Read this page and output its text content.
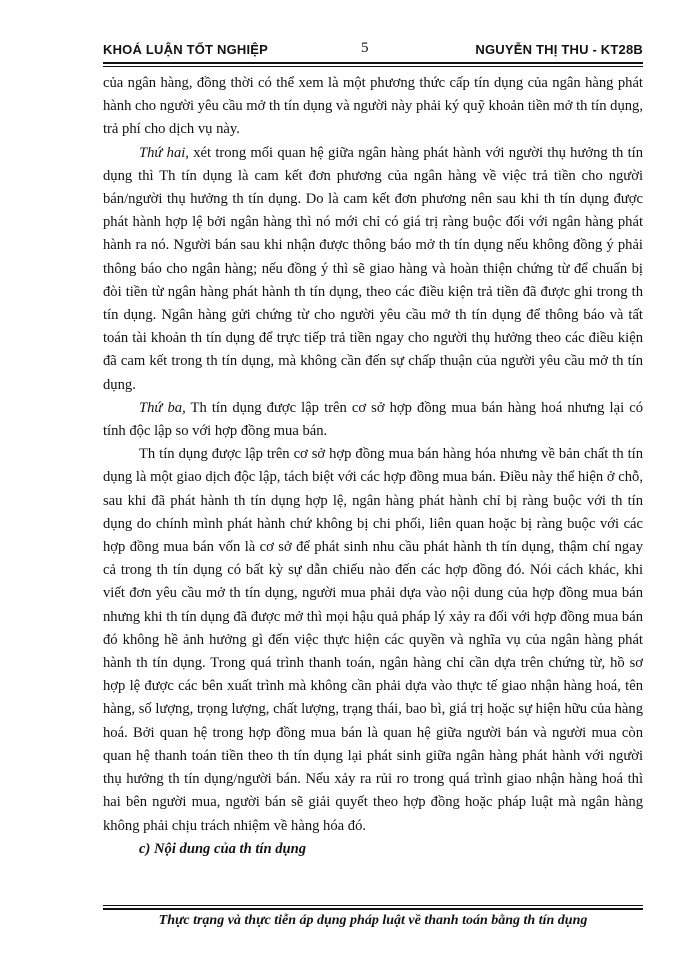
KHOÁ LUẬN TỐT NGHIỆP	5	NGUYỄN THỊ THU - KT28B

của ngân hàng, đồng thời có thể xem là một phương thức cấp tín dụng của ngân hàng phát hành cho người yêu cầu mở th tín dụng và người này phải ký quỹ khoản tiền mở th tín dụng, trả phí cho dịch vụ này.

Thứ hai, xét trong mối quan hệ giữa ngân hàng phát hành với người thụ hưởng th tín dụng thì Th tín dụng là cam kết đơn phương của ngân hàng về việc trả tiền cho người bán/người thụ hưởng th tín dụng. Do là cam kết đơn phương nên sau khi th tín dụng được phát hành hợp lệ bởi ngân hàng thì nó mới chỉ có giá trị ràng buộc đối với ngân hàng phát hành ra nó. Người bán sau khi nhận được thông báo mở th tín dụng nếu không đồng ý phải thông báo cho ngân hàng; nếu đồng ý thì sẽ giao hàng và hoàn thiện chứng từ để chuẩn bị đòi tiền từ ngân hàng phát hành th tín dụng, theo các điều kiện trả tiền đã được ghi trong th tín dụng. Ngân hàng gửi chứng từ cho người yêu cầu mở th tín dụng để thông báo và tất toán tài khoản th tín dụng để trực tiếp trả tiền ngay cho người thụ hưởng theo các điều kiện đã cam kết trong th tín dụng, mà không cần đến sự chấp thuận của người yêu cầu mở th tín dụng.

Thứ ba, Th tín dụng được lập trên cơ sở hợp đồng mua bán hàng hoá nhưng lại có tính độc lập so với hợp đồng mua bán.

Th tín dụng được lập trên cơ sở hợp đồng mua bán hàng hóa nhưng về bản chất th tín dụng là một giao dịch độc lập, tách biệt với các hợp đồng mua bán. Điều này thể hiện ở chỗ, sau khi đã phát hành th tín dụng hợp lệ, ngân hàng phát hành chỉ bị ràng buộc với th tín dụng do chính mình phát hành chứ không bị chi phối, liên quan hoặc bị ràng buộc với các hợp đồng mua bán vốn là cơ sở để phát sinh nhu cầu phát hành th tín dụng, thậm chí ngay cả trong th tín dụng có bất kỳ sự dẫn chiếu nào đến các hợp đồng đó. Nói cách khác, khi viết đơn yêu cầu mở th tín dụng, người mua phải dựa vào nội dung của hợp đồng mua bán nhưng khi th tín dụng đã được mở thì mọi hậu quả pháp lý xảy ra đối với hợp đồng mua bán đó không hề ảnh hưởng gì đến việc thực hiện các quyền và nghĩa vụ của ngân hàng phát hành th tín dụng. Trong quá trình thanh toán, ngân hàng chỉ cần dựa trên chứng từ, hồ sơ hợp lệ được các bên xuất trình mà không cần phải dựa vào thực tế giao nhận hàng hoá, tên hàng, số lượng, trọng lượng, chất lượng, trạng thái, bao bì, giá trị hoặc sự hiện hữu của hàng hoá. Bởi quan hệ trong hợp đồng mua bán là quan hệ giữa người bán và người mua còn quan hệ thanh toán tiền theo th tín dụng lại phát sinh giữa ngân hàng phát hành với người thụ hưởng th tín dụng/người bán. Nếu xảy ra rủi ro trong quá trình giao nhận hàng hoá thì hai bên người mua, người bán sẽ giải quyết theo hợp đồng hoặc pháp luật mà ngân hàng không phải chịu trách nhiệm về hàng hóa đó.

c) Nội dung của th tín dụng

Thực trạng và thực tiễn áp dụng pháp luật về thanh toán bằng th tín dụng
